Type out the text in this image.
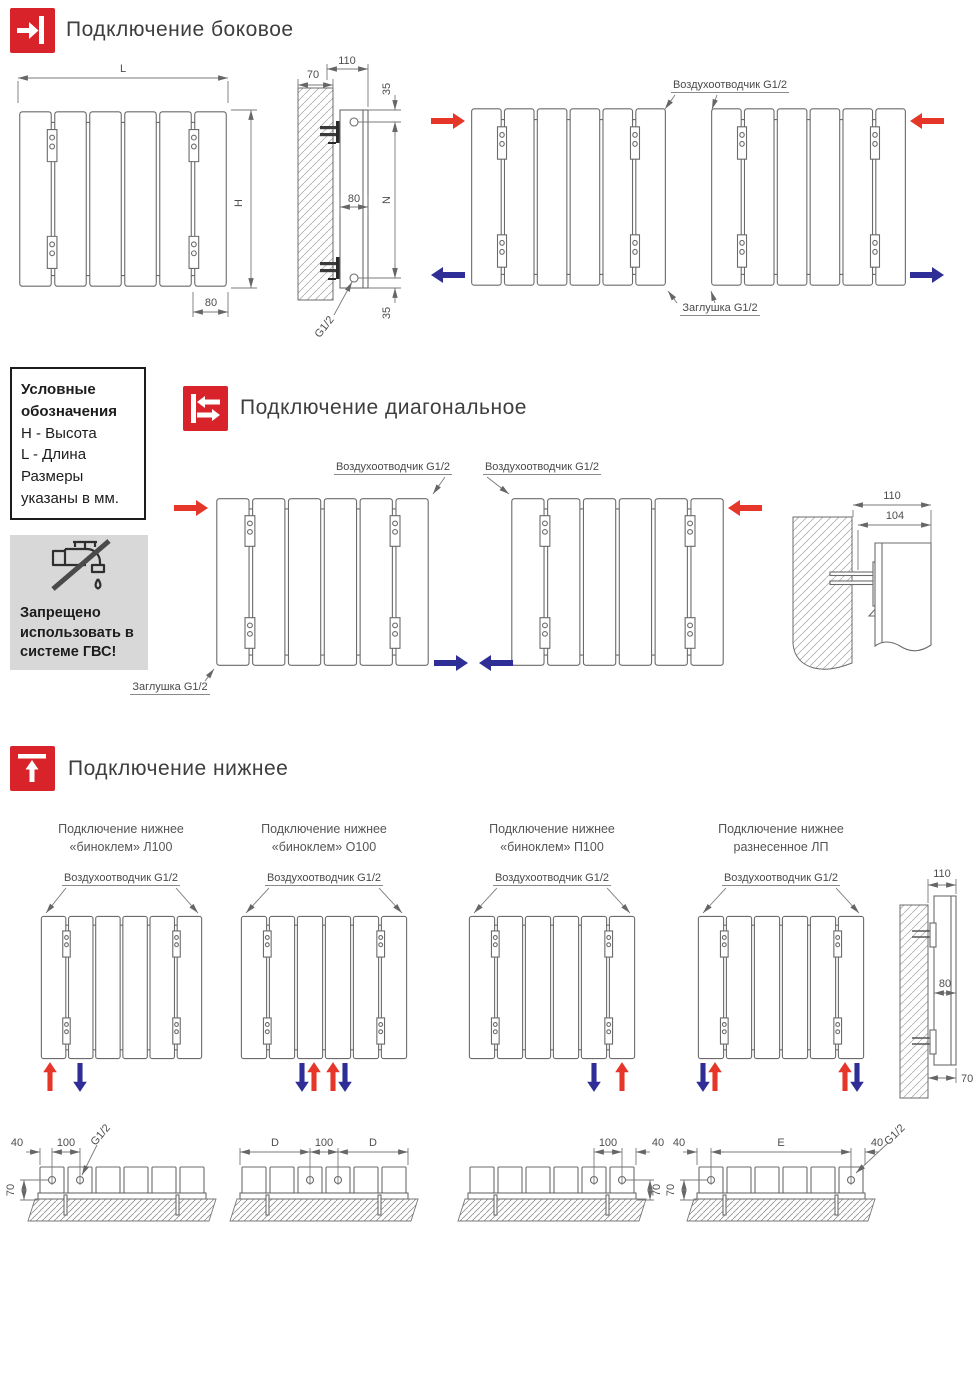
Подключение боковое
L
H
80
70
110
35
N
35
80
G1/2
Воздухоотводчик G1/2
Заглушка G1/2
Условные обозначения
H - Высота
L - Длина
Размеры указаны в мм.
Запрещено использовать в системе ГВС!
Подключение диагональное
110
104
Воздухоотводчик G1/2	Воздухоотводчик G1/2
Заглушка G1/2
Подключение нижнее
Подключение нижнее
«биноклем» Л100
Подключение нижнее
«биноклем» О100
Подключение нижнее
«биноклем» П100
Подключение нижнее
разнесенное ЛП
Воздухоотводчик G1/2	Воздухоотводчик G1/2	Воздухоотводчик G1/2	Воздухоотводчик G1/2	110
80
70
40	100 G1/2
70
D	100	D	100	40
70
40	E	40 G1/2
70
